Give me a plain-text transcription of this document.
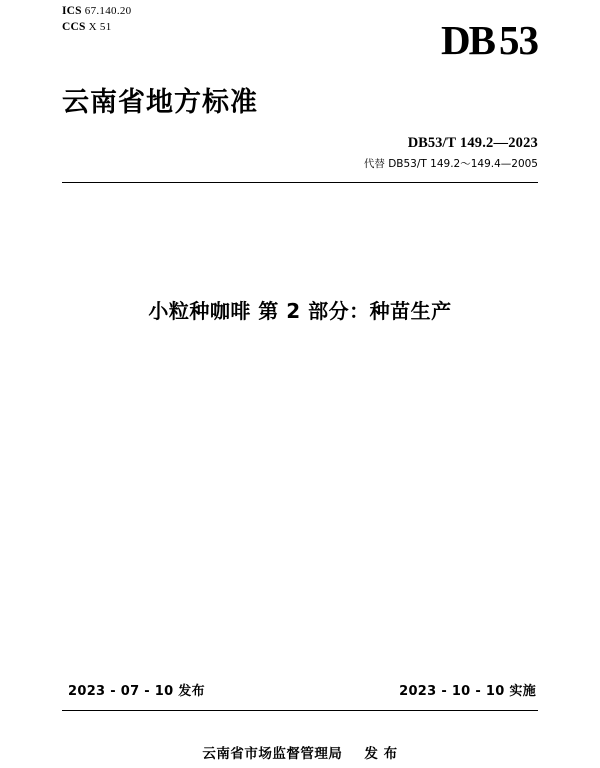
ICS 67.140.20
CCS X 51	DB 53
云南省地方标准
DB53/T 149.2—2023
代替 DB53/T 149.2～149.4—2005
小粒种咖啡 第 2 部分：种苗生产
2023 - 07 - 10 发布	2023 - 10 - 10 实施
云南省市场监督管理局 发 布
